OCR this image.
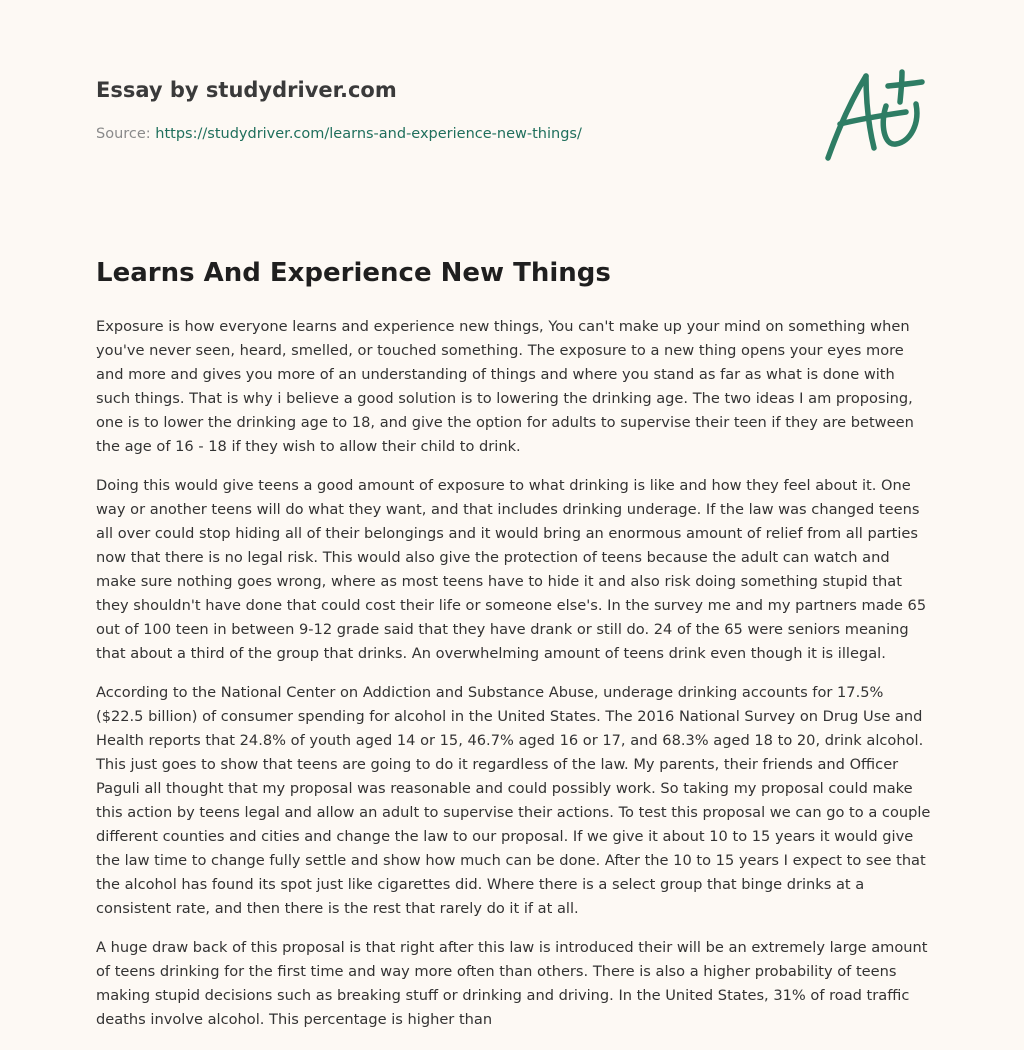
Essay by studydriver.com
Source: https://studydriver.com/learns-and-experience-new-things/
Learns And Experience New Things

Exposure is how everyone learns and experience new things, You can't make up your mind on something when you've never seen, heard, smelled, or touched something. The exposure to a new thing opens your eyes more and more and gives you more of an understanding of things and where you stand as far as what is done with such things. That is why i believe a good solution is to lowering the drinking age. The two ideas I am proposing, one is to lower the drinking age to 18, and give the option for adults to supervise their teen if they are between the age of 16 - 18 if they wish to allow their child to drink.

Doing this would give teens a good amount of exposure to what drinking is like and how they feel about it. One way or another teens will do what they want, and that includes drinking underage. If the law was changed teens all over could stop hiding all of their belongings and it would bring an enormous amount of relief from all parties now that there is no legal risk. This would also give the protection of teens because the adult can watch and make sure nothing goes wrong, where as most teens have to hide it and also risk doing something stupid that they shouldn't have done that could cost their life or someone else's. In the survey me and my partners made 65 out of 100 teen in between 9-12 grade said that they have drank or still do. 24 of the 65 were seniors meaning that about a third of the group that drinks. An overwhelming amount of teens drink even though it is illegal.

According to the National Center on Addiction and Substance Abuse, underage drinking accounts for 17.5% ($22.5 billion) of consumer spending for alcohol in the United States. The 2016 National Survey on Drug Use and Health reports that 24.8% of youth aged 14 or 15, 46.7% aged 16 or 17, and 68.3% aged 18 to 20, drink alcohol. This just goes to show that teens are going to do it regardless of the law. My parents, their friends and Officer Paguli all thought that my proposal was reasonable and could possibly work. So taking my proposal could make this action by teens legal and allow an adult to supervise their actions. To test this proposal we can go to a couple different counties and cities and change the law to our proposal. If we give it about 10 to 15 years it would give the law time to change fully settle and show how much can be done. After the 10 to 15 years I expect to see that the alcohol has found its spot just like cigarettes did. Where there is a select group that binge drinks at a consistent rate, and then there is the rest that rarely do it if at all.

A huge draw back of this proposal is that right after this law is introduced their will be an extremely large amount of teens drinking for the first time and way more often than others. There is also a higher probability of teens making stupid decisions such as breaking stuff or drinking and driving. In the United States, 31% of road traffic deaths involve alcohol. This percentage is higher than
